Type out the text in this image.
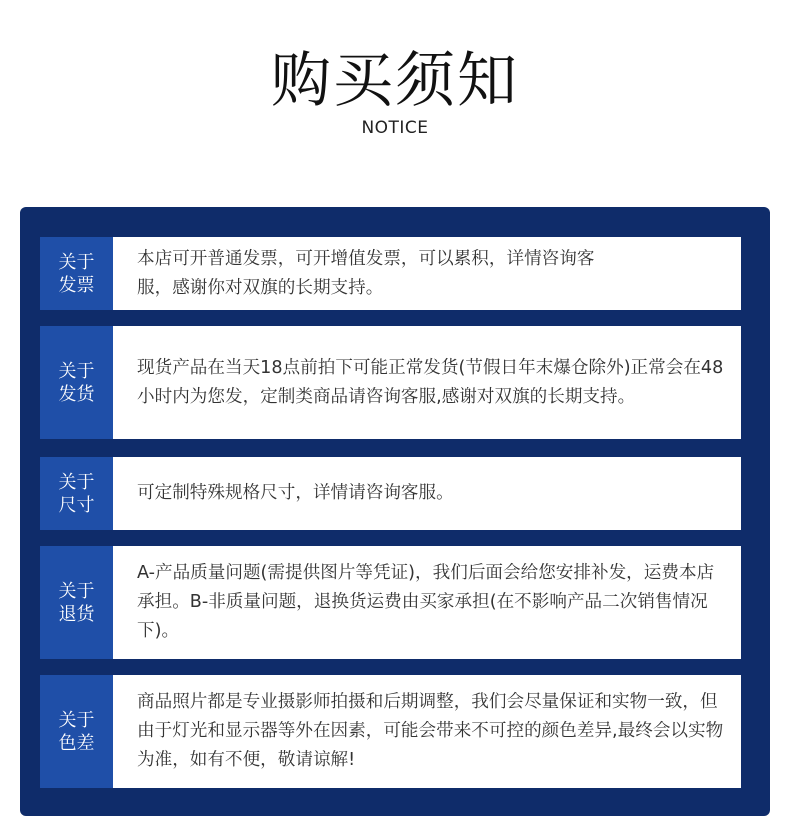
购买须知
NOTICE
关于
发票
本店可开普通发票，可开增值发票，可以累积，详情咨询客服，感谢你对双旗的长期支持。
关于
发货
现货产品在当天18点前拍下可能正常发货(节假日年末爆仓除外)正常会在48小时内为您发，定制类商品请咨询客服,感谢对双旗的长期支持。
关于
尺寸
可定制特殊规格尺寸，详情请咨询客服。
关于
退货
A-产品质量问题(需提供图片等凭证)，我们后面会给您安排补发，运费本店承担。B-非质量问题，退换货运费由买家承担(在不影响产品二次销售情况下)。
关于
色差
商品照片都是专业摄影师拍摄和后期调整，我们会尽量保证和实物一致，但由于灯光和显示器等外在因素，可能会带来不可控的颜色差异,最终会以实物为准，如有不便，敬请谅解!
